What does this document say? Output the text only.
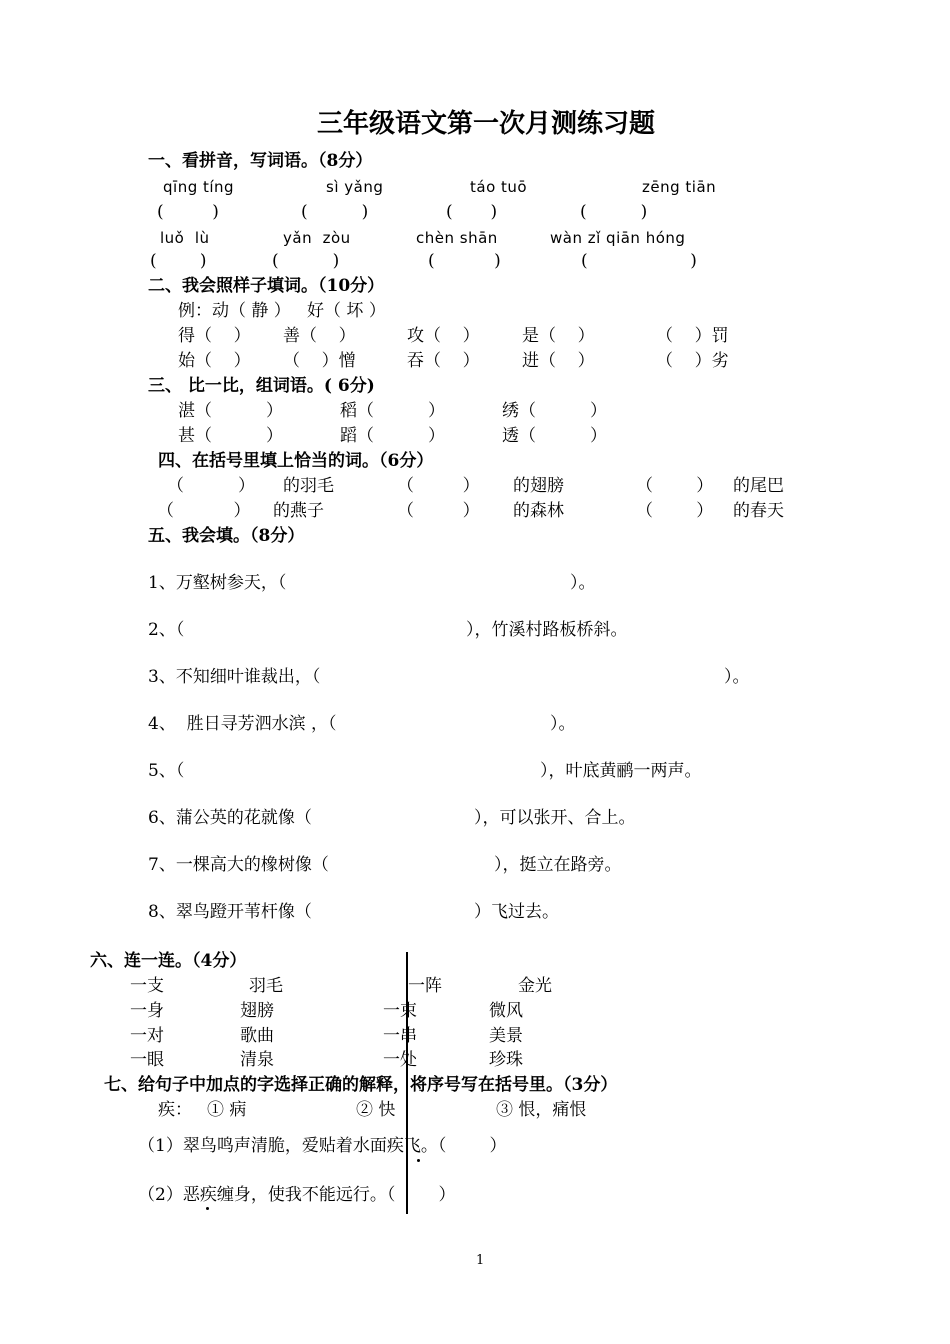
三年级语文第一次月测练习题
一、看拼音，写词语。（8分）
qīng tíng	sì yǎng	táo tuō	zēng tiān
(         )	(          )	(       )	(          )
luǒ  lù	yǎn  zòu	chèn shān	wàn zǐ qiān hóng
(        )	(          )	(           )	(                   )
二、我会照样子填词。（10分）
例：动（ 静 ）   好（ 坏 ）
得（    ） 善（    ）	攻（    ） 是（    ）	（    ）罚
始（    ） （    ）憎	吞（    ） 进（    ）	（    ）劣
三、 比一比，组词语。( 6分)
湛（          ）	稻（          ）	绣（          ）
甚（          ）	蹈（          ）	透（          ）
四、在括号里填上恰当的词。（6分）
（          ） 的羽毛	（         ） 的翅膀	（        ） 的尾巴
（           ） 的燕子	（         ） 的森林	（        ） 的春天
五、我会填。（8分）
1、万壑树参天，（	）。
2、（	），竹溪村路板桥斜。
3、不知细叶谁裁出，（	）。
4、  胜日寻芳泗水滨 ，（	）。
5、（	），叶底黄鹂一两声。
6、蒲公英的花就像（	），可以张开、合上。
7、一棵高大的橡树像（	），挺立在路旁。
8、翠鸟蹬开苇杆像（	）飞过去。
六、连一连。（4分）
一支	羽毛	一阵	金光
一身	翅膀	一束	微风
一对	歌曲	一串	美景
一眼	清泉	一处	珍珠
七、给句子中加点的字选择正确的解释，将序号写在括号里。（3分）
疾： ① 病	② 快	③ 恨，痛恨
（1）翠鸟鸣声清脆，爱贴着水面疾飞。（        ）
（2）恶疾缠身，使我不能远行。（        ）
1
